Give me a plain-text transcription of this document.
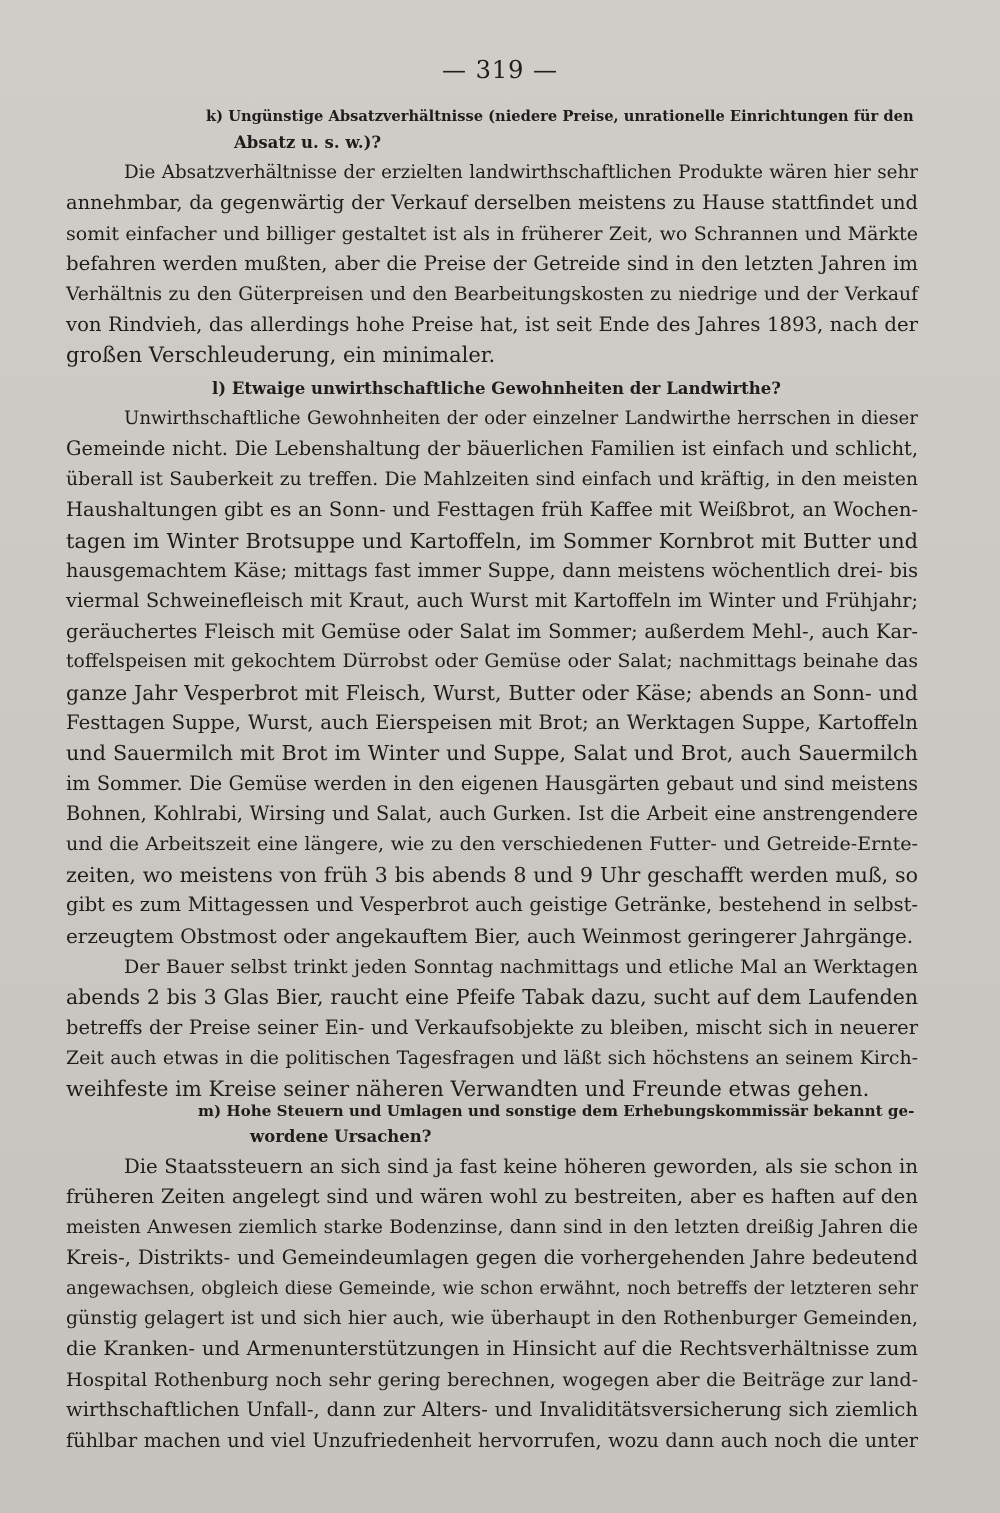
— 319 —
k) Ungünstige Absatzverhältnisse (niedere Preise, unrationelle Einrichtungen für den
Absatz u. s. w.)?
Die Absatzverhältnisse der erzielten landwirthschaftlichen Produkte wären hier sehr
annehmbar, da gegenwärtig der Verkauf derselben meistens zu Hause stattfindet und
somit einfacher und billiger gestaltet ist als in früherer Zeit, wo Schrannen und Märkte
befahren werden mußten, aber die Preise der Getreide sind in den letzten Jahren im
Verhältnis zu den Güterpreisen und den Bearbeitungskosten zu niedrige und der Verkauf
von Rindvieh, das allerdings hohe Preise hat, ist seit Ende des Jahres 1893, nach der
großen Verschleuderung, ein minimaler.
l) Etwaige unwirthschaftliche Gewohnheiten der Landwirthe?
Unwirthschaftliche Gewohnheiten der oder einzelner Landwirthe herrschen in dieser
Gemeinde nicht. Die Lebenshaltung der bäuerlichen Familien ist einfach und schlicht,
überall ist Sauberkeit zu treffen. Die Mahlzeiten sind einfach und kräftig, in den meisten
Haushaltungen gibt es an Sonn- und Festtagen früh Kaffee mit Weißbrot, an Wochen-
tagen im Winter Brotsuppe und Kartoffeln, im Sommer Kornbrot mit Butter und
hausgemachtem Käse; mittags fast immer Suppe, dann meistens wöchentlich drei- bis
viermal Schweinefleisch mit Kraut, auch Wurst mit Kartoffeln im Winter und Frühjahr;
geräuchertes Fleisch mit Gemüse oder Salat im Sommer; außerdem Mehl-, auch Kar-
toffelspeisen mit gekochtem Dürrobst oder Gemüse oder Salat; nachmittags beinahe das
ganze Jahr Vesperbrot mit Fleisch, Wurst, Butter oder Käse; abends an Sonn- und
Festtagen Suppe, Wurst, auch Eierspeisen mit Brot; an Werktagen Suppe, Kartoffeln
und Sauermilch mit Brot im Winter und Suppe, Salat und Brot, auch Sauermilch
im Sommer. Die Gemüse werden in den eigenen Hausgärten gebaut und sind meistens
Bohnen, Kohlrabi, Wirsing und Salat, auch Gurken. Ist die Arbeit eine anstrengendere
und die Arbeitszeit eine längere, wie zu den verschiedenen Futter- und Getreide-Ernte-
zeiten, wo meistens von früh 3 bis abends 8 und 9 Uhr geschafft werden muß, so
gibt es zum Mittagessen und Vesperbrot auch geistige Getränke, bestehend in selbst-
erzeugtem Obstmost oder angekauftem Bier, auch Weinmost geringerer Jahrgänge.
Der Bauer selbst trinkt jeden Sonntag nachmittags und etliche Mal an Werktagen
abends 2 bis 3 Glas Bier, raucht eine Pfeife Tabak dazu, sucht auf dem Laufenden
betreffs der Preise seiner Ein- und Verkaufsobjekte zu bleiben, mischt sich in neuerer
Zeit auch etwas in die politischen Tagesfragen und läßt sich höchstens an seinem Kirch-
weihfeste im Kreise seiner näheren Verwandten und Freunde etwas gehen.
m) Hohe Steuern und Umlagen und sonstige dem Erhebungskommissär bekannt ge-
wordene Ursachen?
Die Staatssteuern an sich sind ja fast keine höheren geworden, als sie schon in
früheren Zeiten angelegt sind und wären wohl zu bestreiten, aber es haften auf den
meisten Anwesen ziemlich starke Bodenzinse, dann sind in den letzten dreißig Jahren die
Kreis-, Distrikts- und Gemeindeumlagen gegen die vorhergehenden Jahre bedeutend
angewachsen, obgleich diese Gemeinde, wie schon erwähnt, noch betreffs der letzteren sehr
günstig gelagert ist und sich hier auch, wie überhaupt in den Rothenburger Gemeinden,
die Kranken- und Armenunterstützungen in Hinsicht auf die Rechtsverhältnisse zum
Hospital Rothenburg noch sehr gering berechnen, wogegen aber die Beiträge zur land-
wirthschaftlichen Unfall-, dann zur Alters- und Invaliditätsversicherung sich ziemlich
fühlbar machen und viel Unzufriedenheit hervorrufen, wozu dann auch noch die unter
